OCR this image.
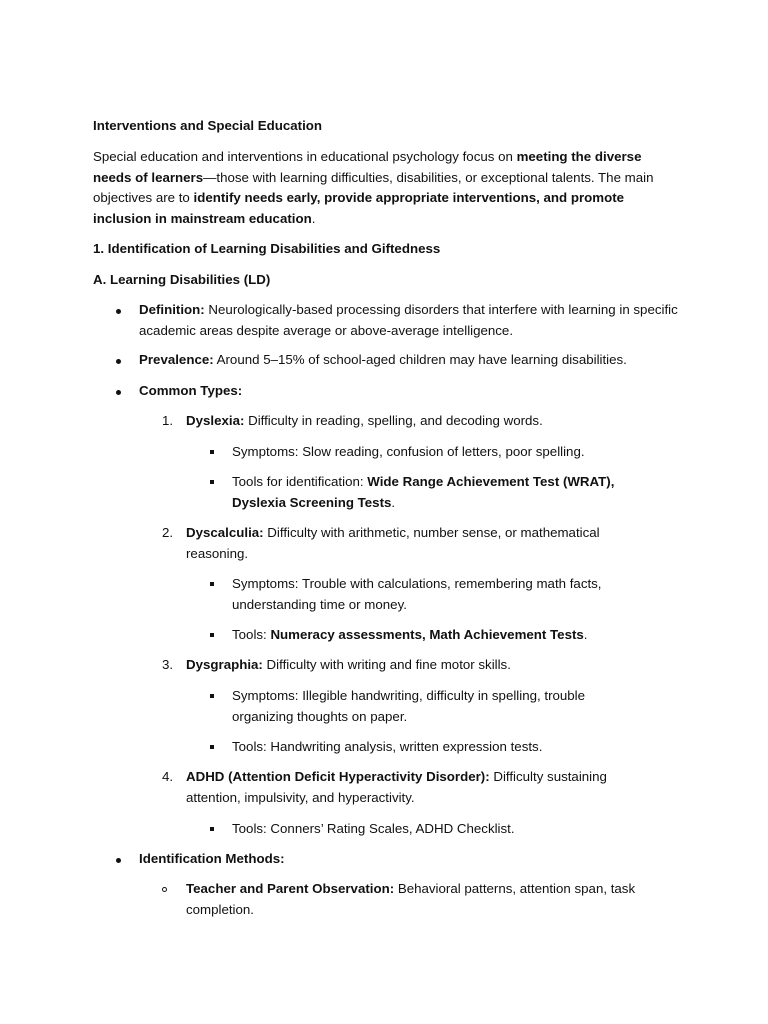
Interventions and Special Education

Special education and interventions in educational psychology focus on meeting the diverse needs of learners—those with learning difficulties, disabilities, or exceptional talents. The main objectives are to identify needs early, provide appropriate interventions, and promote inclusion in mainstream education.

1. Identification of Learning Disabilities and Giftedness

A. Learning Disabilities (LD)

Definition: Neurologically-based processing disorders that interfere with learning in specific academic areas despite average or above-average intelligence.

Prevalence: Around 5–15% of school-aged children may have learning disabilities.

Common Types:

1. Dyslexia: Difficulty in reading, spelling, and decoding words.

Symptoms: Slow reading, confusion of letters, poor spelling.

Tools for identification: Wide Range Achievement Test (WRAT), Dyslexia Screening Tests.

2. Dyscalculia: Difficulty with arithmetic, number sense, or mathematical reasoning.

Symptoms: Trouble with calculations, remembering math facts, understanding time or money.

Tools: Numeracy assessments, Math Achievement Tests.

3. Dysgraphia: Difficulty with writing and fine motor skills.

Symptoms: Illegible handwriting, difficulty in spelling, trouble organizing thoughts on paper.

Tools: Handwriting analysis, written expression tests.

4. ADHD (Attention Deficit Hyperactivity Disorder): Difficulty sustaining attention, impulsivity, and hyperactivity.

Tools: Conners’ Rating Scales, ADHD Checklist.

Identification Methods:

Teacher and Parent Observation: Behavioral patterns, attention span, task completion.
